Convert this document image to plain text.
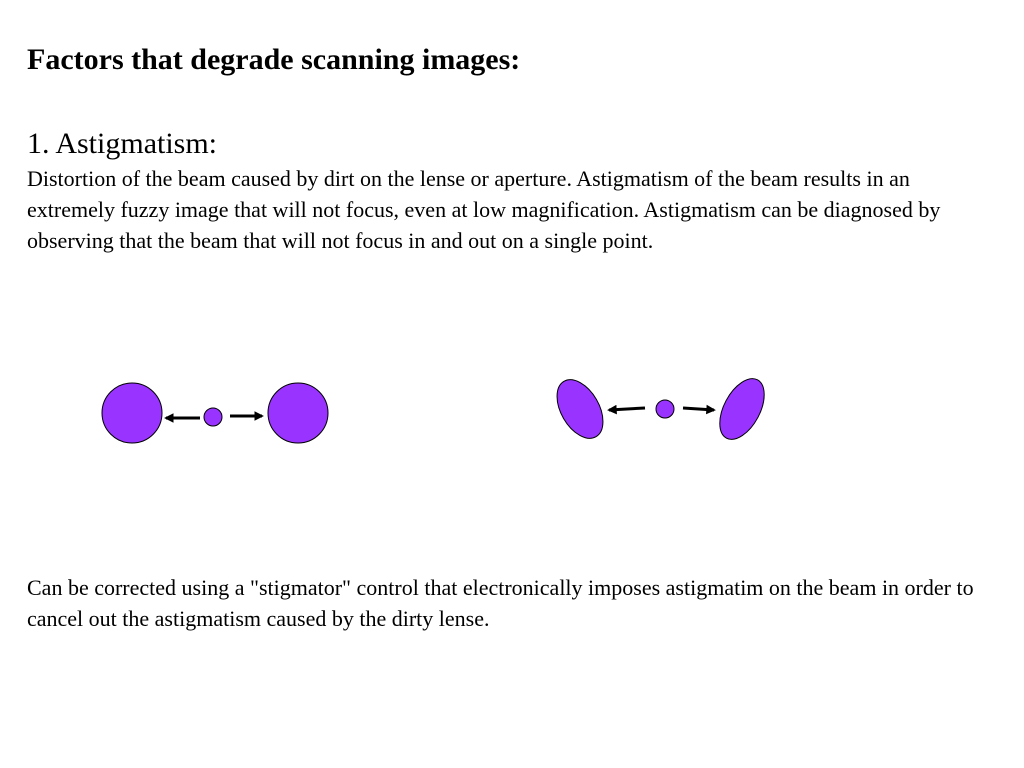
Factors that degrade scanning images:
1. Astigmatism:

Distortion of the beam caused by dirt on the lense or aperture. Astigmatism of the beam results in an extremely fuzzy image that will not focus, even at low magnification. Astigmatism can be diagnosed by observing that the beam that will not focus in and out on a single point.

Can be corrected using a "stigmator" control that electronically imposes astigmatim on the beam in order to cancel out the astigmatism caused by the dirty lense.
